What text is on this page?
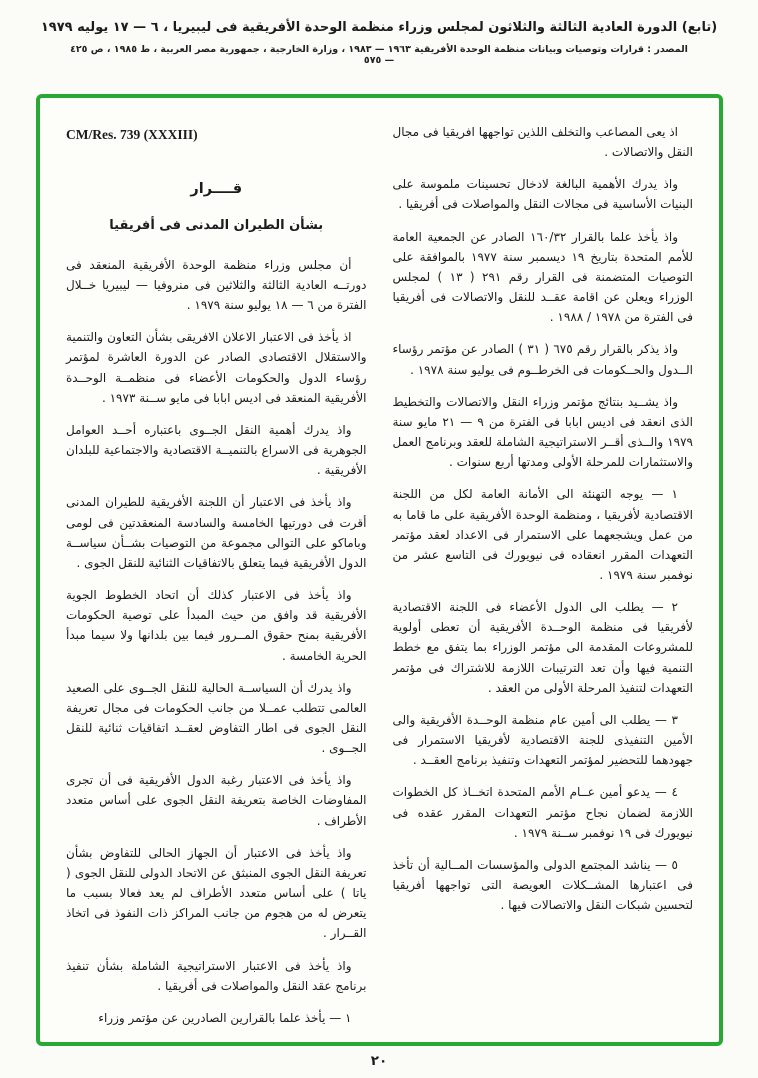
(تابع) الدورة العادية الثالثة والثلاثون لمجلس وزراء منظمة الوحدة الأفريقية فى ليبيريا ، ٦ — ١٧ يوليه ١٩٧٩
المصدر : قرارات وتوصيات وبيانات منظمة الوحدة الأفريقية ١٩٦٣ — ١٩٨٣ ، وزارة الخارجية ، جمهورية مصر العربية ، ط ١٩٨٥ ، ص ٤٢٥ — ٥٧٥

اذ يعى المصاعب والتخلف اللذين تواجهها افريقيا فى مجال النقل والاتصالات .

واذ يدرك الأهمية البالغة لادخال تحسينات ملموسة على البنيات الأساسية فى مجالات النقل والمواصلات فى أفريقيا .

واذ يأخذ علما بالقرار ١٦٠/٣٢ الصادر عن الجمعية العامة للأمم المتحدة بتاريخ ١٩ ديسمبر سنة ١٩٧٧ بالموافقة على التوصيات المتضمنة فى القرار رقم ٢٩١ ( ١٣ ) لمجلس الوزراء ويعلن عن اقامة عقــد للنقل والاتصالات فى أفريقيا فى الفترة من ١٩٧٨ / ١٩٨٨ .

واذ يذكر بالقرار رقم ٦٧٥ ( ٣١ ) الصادر عن مؤتمر رؤساء الــدول والحــكومات فى الخرطــوم فى يوليو سنة ١٩٧٨ .

واذ يشــيد بنتائج مؤتمر وزراء النقل والاتصالات والتخطيط الذى انعقد فى اديس ابابا فى الفترة من ٩ — ٢١ مايو سنة ١٩٧٩ والــذى أقــر الاستراتيجية الشاملة للعقد وبرنامج العمل والاستثمارات للمرحلة الأولى ومدتها أربع سنوات .

١ — يوجه التهنئة الى الأمانة العامة لكل من اللجنة الاقتصادية لأفريقيا ، ومنظمة الوحدة الأفريقية على ما قاما به من عمل ويشجعهما على الاستمرار فى الاعداد لعقد مؤتمر التعهدات المقرر انعقاده فى نيويورك فى التاسع عشر من نوفمبر سنة ١٩٧٩ .

٢ — يطلب الى الدول الأعضاء فى اللجنة الاقتصادية لأفريقيا فى منظمة الوحــدة الأفريقية أن تعطى أولوية للمشروعات المقدمة الى مؤتمر الوزراء بما يتفق مع خطط التنمية فيها وأن تعد الترتيبات اللازمة للاشتراك فى مؤتمر التعهدات لتنفيذ المرحلة الأولى من العقد .

٣ — يطلب الى أمين عام منظمة الوحــدة الأفريقية والى الأمين التنفيذى للجنة الاقتصادية لأفريقيا الاستمرار فى جهودهما للتحضير لمؤتمر التعهدات وتنفيذ برنامج العقــد .

٤ — يدعو أمين عــام الأمم المتحدة اتخــاذ كل الخطوات اللازمة لضمان نجاح مؤتمر التعهدات المقرر عقده فى نيويورك فى ١٩ نوفمبر ســنة ١٩٧٩ .

٥ — يناشد المجتمع الدولى والمؤسسات المــالية أن تأخذ فى اعتبارها المشــكلات العويصة التى تواجهها أفريقيا لتحسين شبكات النقل والاتصالات فيها .

CM/Res. 739 (XXXIII)
قــــرار
بشأن الطيران المدنى فى أفريقيا

أن مجلس وزراء منظمة الوحدة الأفريقية المنعقد فى دورتــه العادية الثالثة والثلاثين فى منروفيا — ليبيريا خــلال الفترة من ٦ — ١٨ يوليو سنة ١٩٧٩ .

اذ يأخذ فى الاعتبار الاعلان الافريقى بشأن التعاون والتنمية والاستقلال الاقتصادى الصادر عن الدورة العاشرة لمؤتمر رؤساء الدول والحكومات الأعضاء فى منظمــة الوحــدة الأفريقية المنعقد فى اديس ابابا فى مايو ســنة ١٩٧٣ .

واذ يدرك أهمية النقل الجــوى باعتباره أحــد العوامل الجوهرية فى الاسراع بالتنميــة الاقتصادية والاجتماعية للبلدان الأفريقية .

واذ يأخذ فى الاعتبار أن اللجنة الأفريقية للطيران المدنى أقرت فى دورتيها الخامسة والسادسة المنعقدتين فى لومى وباماكو على التوالى مجموعة من التوصيات بشــأن سياســة الدول الأفريقية فيما يتعلق بالاتفاقيات الثنائية للنقل الجوى .

واذ يأخذ فى الاعتبار كذلك أن اتحاد الخطوط الجوية الأفريقية قد وافق من حيث المبدأ على توصية الحكومات الأفريقية بمنح حقوق المــرور فيما بين بلدانها ولا سيما مبدأ الحرية الخامسة .

واذ يدرك أن السياســة الحالية للنقل الجــوى على الصعيد العالمى تتطلب عمــلا من جانب الحكومات فى مجال تعريفة النقل الجوى فى اطار التفاوض لعقــد اتفاقيات ثنائية للنقل الجــوى .

واذ يأخذ فى الاعتبار رغبة الدول الأفريقية فى أن تجرى المفاوضات الخاصة بتعريفة النقل الجوى على أساس متعدد الأطراف .

واذ يأخذ فى الاعتبار أن الجهاز الحالى للتفاوض بشأن تعريفة النقل الجوى المنبثق عن الاتحاد الدولى للنقل الجوى ( ياتا ) على أساس متعدد الأطراف لم يعد فعالا بسبب ما يتعرض له من هجوم من جانب المراكز ذات النفوذ فى اتخاذ القــرار .

واذ يأخذ فى الاعتبار الاستراتيجية الشاملة بشأن تنفيذ برنامج عقد النقل والمواصلات فى أفريقيا .

١ — يأخذ علما بالقرارين الصادرين عن مؤتمر وزراء

٢٠
